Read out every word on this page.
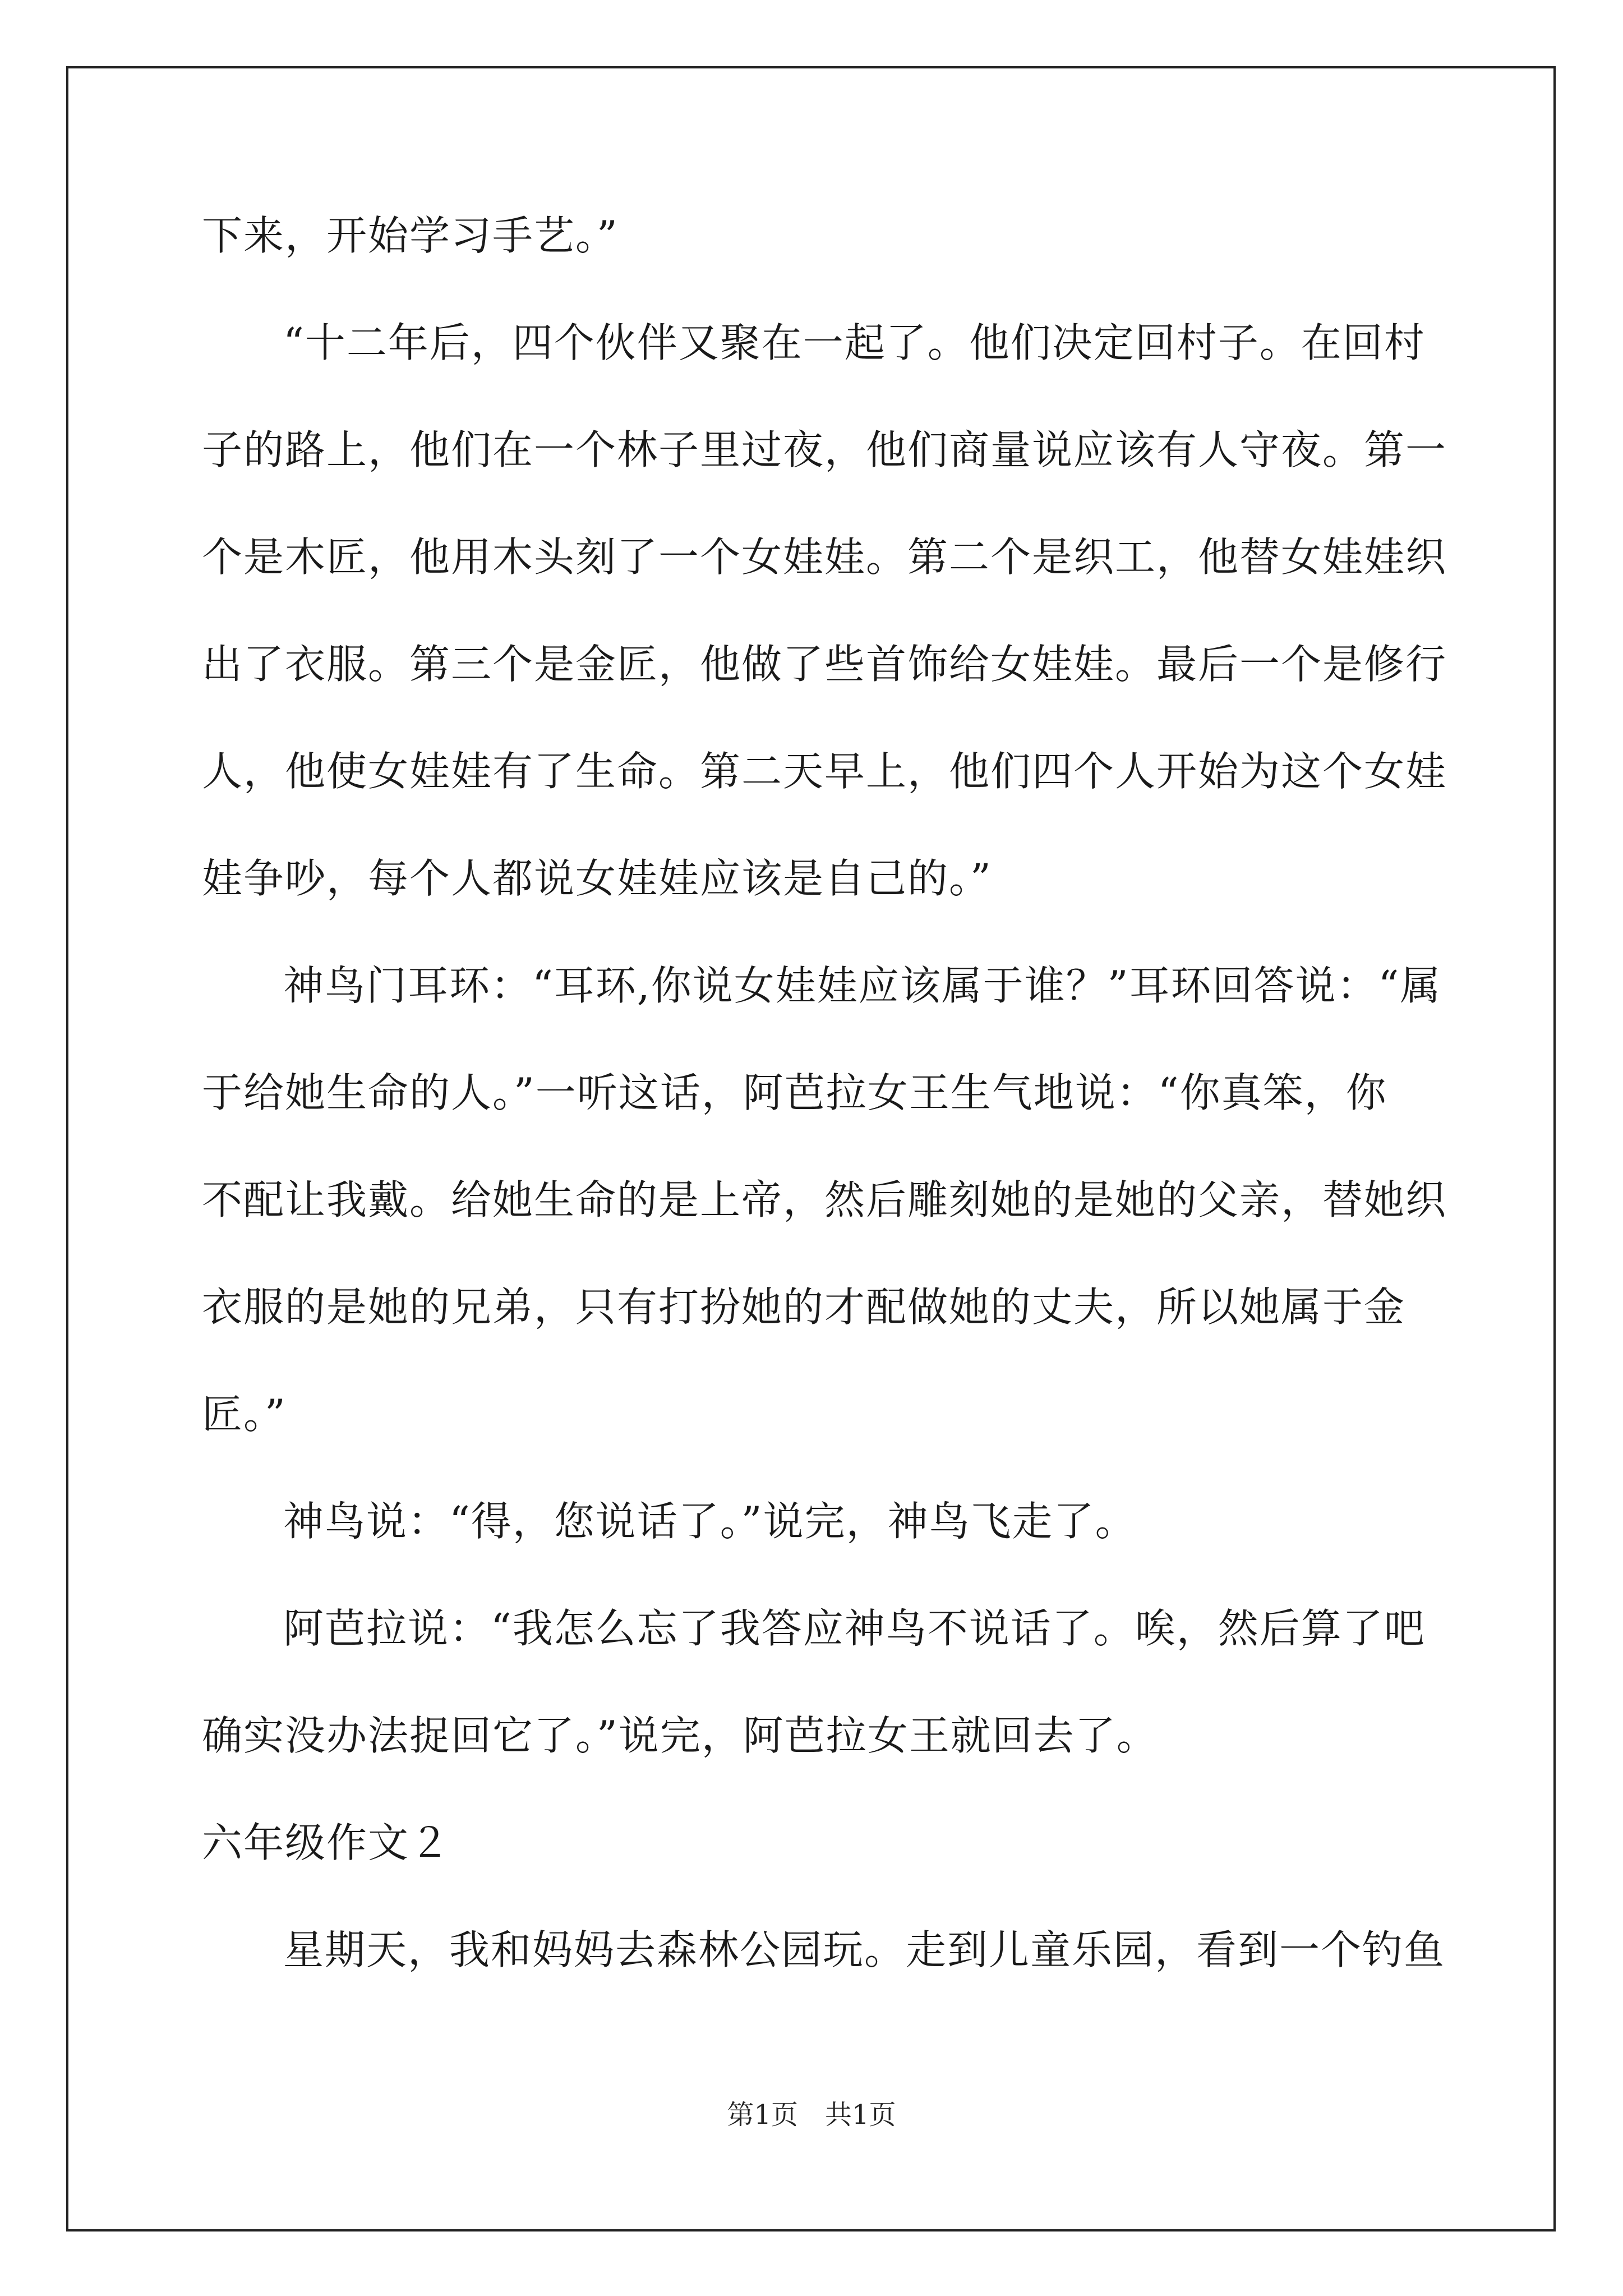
下来，开始学习手艺。”
“十二年后，四个伙伴又聚在一起了。他们决定回村子。在回村
子的路上，他们在一个林子里过夜，他们商量说应该有人守夜。第一
个是木匠，他用木头刻了一个女娃娃。第二个是织工，他替女娃娃织
出了衣服。第三个是金匠，他做了些首饰给女娃娃。最后一个是修行
人，他使女娃娃有了生命。第二天早上，他们四个人开始为这个女娃
娃争吵，每个人都说女娃娃应该是自己的。”
神鸟门耳环：“耳环,你说女娃娃应该属于谁？”耳环回答说：“属
于给她生命的人。”一听这话，阿芭拉女王生气地说：“你真笨，你
不配让我戴。给她生命的是上帝，然后雕刻她的是她的父亲，替她织
衣服的是她的兄弟，只有打扮她的才配做她的丈夫，所以她属于金
匠。”
神鸟说：“得，您说话了。”说完，神鸟飞走了。
阿芭拉说：“我怎么忘了我答应神鸟不说话了。唉，然后算了吧
确实没办法捉回它了。”说完，阿芭拉女王就回去了。
六年级作文２
星期天，我和妈妈去森林公园玩。走到儿童乐园，看到一个钓鱼
第1页　共1页
